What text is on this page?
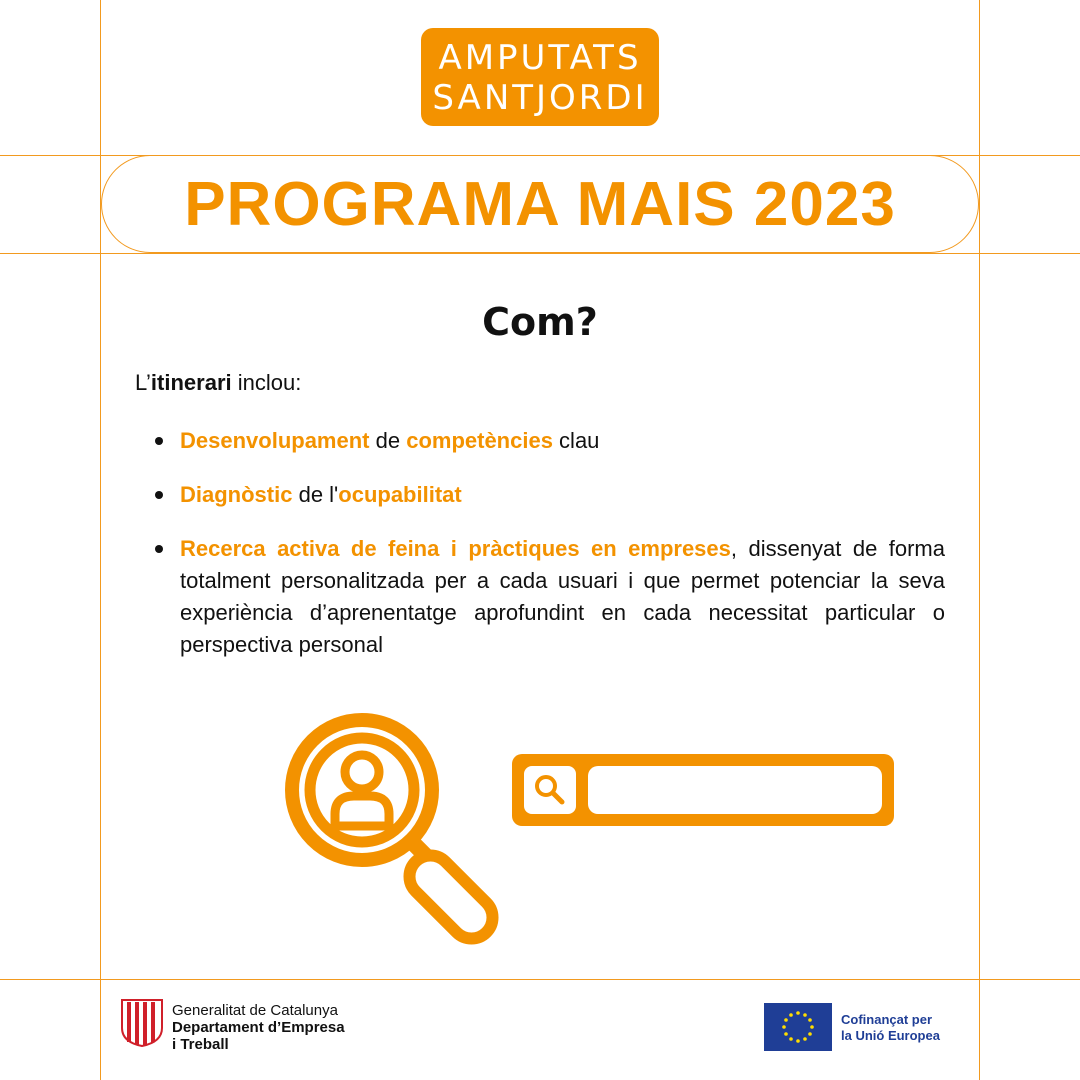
AMPUTATS
SANTJORDI
PROGRAMA MAIS 2023
Com?
L’itinerari inclou:
Desenvolupament de competències clau
Diagnòstic de l'ocupabilitat
Recerca activa de feina i pràctiques en empreses, dissenyat de forma totalment personalitzada per a cada usuari i que permet potenciar la seva experiència d’aprenentatge aprofundint en cada necessitat particular o perspectiva personal
Generalitat de Catalunya
Departament d’Empresa
i Treball
Cofinançat per
la Unió Europea
